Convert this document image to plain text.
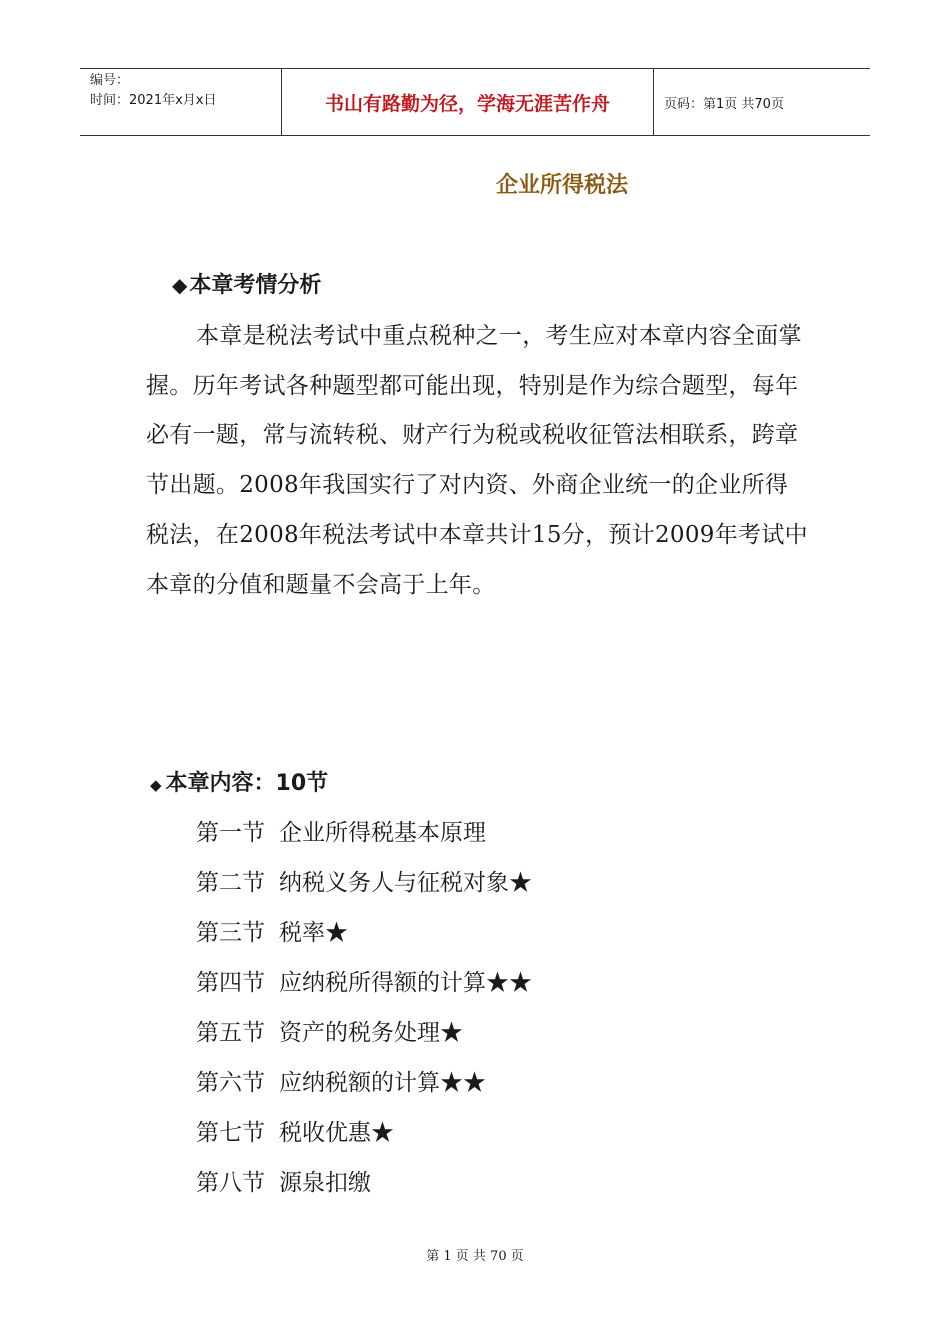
编号：
时间：2021年x月x日	书山有路勤为径，学海无涯苦作舟	页码：第1页 共70页
企业所得税法
◆本章考情分析
本章是税法考试中重点税种之一，考生应对本章内容全面掌握。历年考试各种题型都可能出现，特别是作为综合题型，每年必有一题，常与流转税、财产行为税或税收征管法相联系，跨章节出题。2008年我国实行了对内资、外商企业统一的企业所得税法，在2008年税法考试中本章共计15分，预计2009年考试中本章的分值和题量不会高于上年。
◆ 本章内容：10节
第一节 企业所得税基本原理
第二节 纳税义务人与征税对象★
第三节 税率★
第四节 应纳税所得额的计算★★
第五节 资产的税务处理★
第六节 应纳税额的计算★★
第七节 税收优惠★
第八节 源泉扣缴
第 1 页 共 70 页
